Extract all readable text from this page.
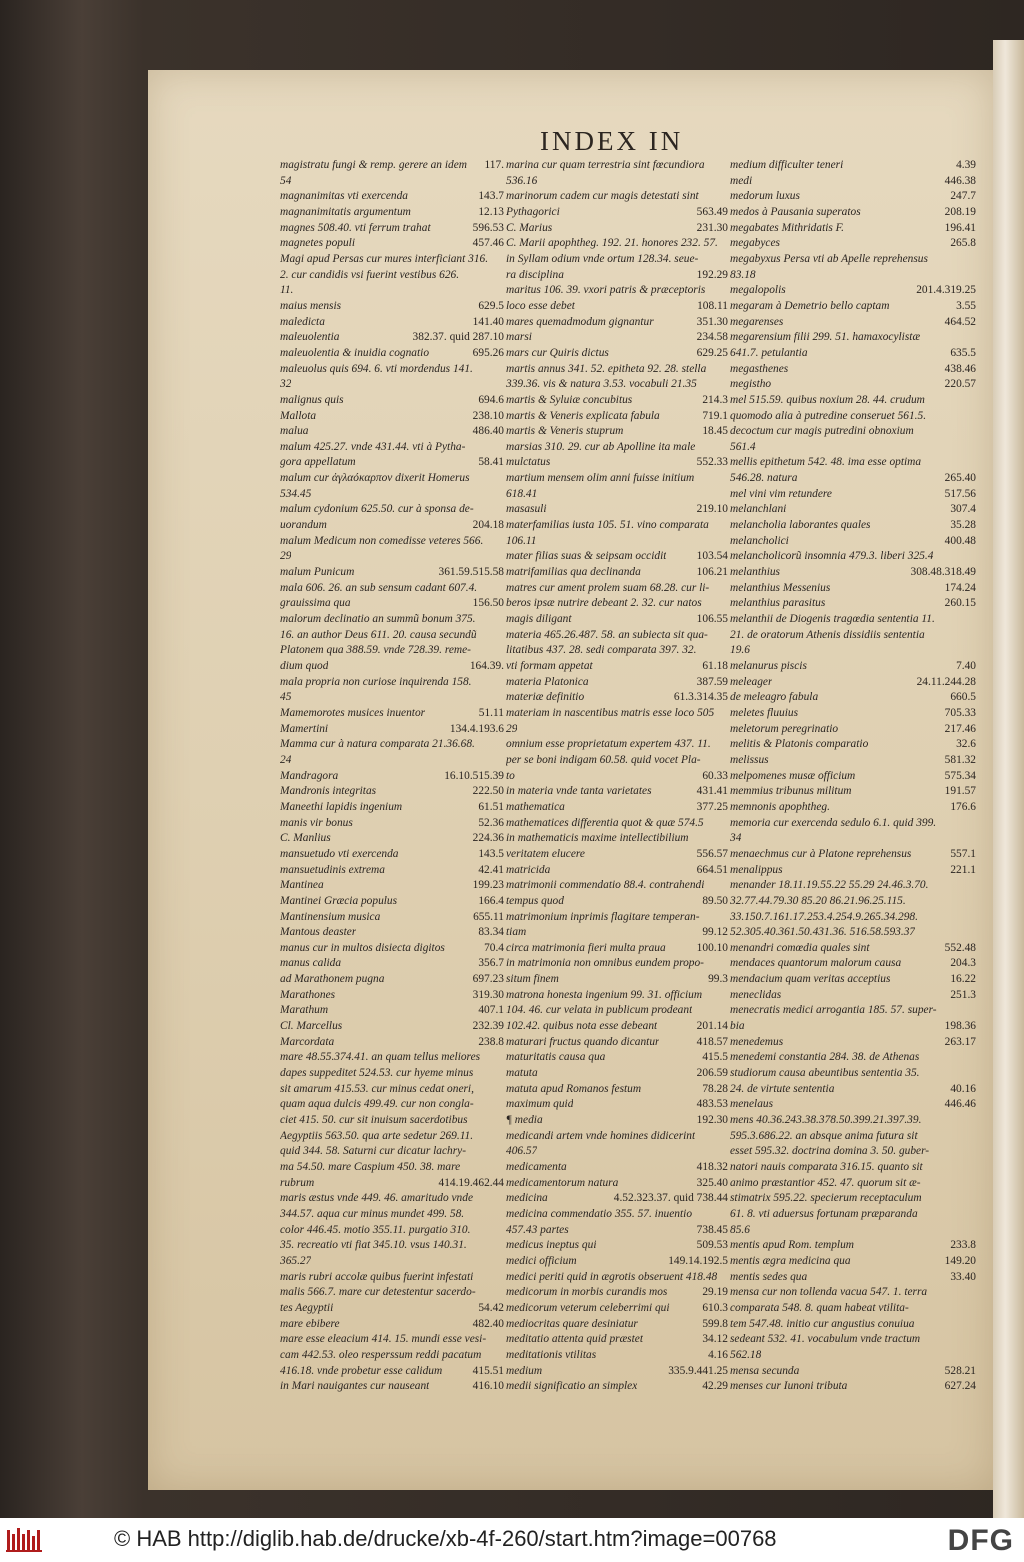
INDEX IN
magistratu fungi & remp. gerere an idem 117.
54
magnanimitas vti exercenda	143.7
magnanimitatis argumentum	12.13
magnes 508.40. vti ferrum trahat	596.53
magnetes populi	457.46
Magi apud Persas cur mures interficiant 316.
2. cur candidis vsi fuerint vestibus 626.
11.
maius mensis	629.5
maledicta	141.40
maleuolentia	382.37. quid 287.10
maleuolentia & inuidia cognatio	695.26
maleuolus quis 694. 6. vti mordendus 141.
32
malignus quis	694.6
Mallota	238.10
malua	486.40
malum 425.27. vnde 431.44. vti à Pytha-
gora appellatum	58.41
malum cur ἀγλαόκαρπον dixerit Homerus
534.45
malum cydonium 625.50. cur à sponsa de-
uorandum	204.18
malum Medicum non comedisse veteres 566.
29
malum Punicum	361.59.515.58
mala 606. 26. an sub sensum cadant 607.4.
grauissima qua	156.50
malorum declinatio an summũ bonum 375.
16. an author Deus 611. 20. causa secundũ
Platonem qua 388.59. vnde 728.39. reme-
dium quod	164.39.
mala propria non curiose inquirenda 158.
45
Mamemorotes musices inuentor	51.11
Mamertini	134.4.193.6
Mamma cur à natura comparata 21.36.68.
24
Mandragora	16.10.515.39
Mandronis integritas	222.50
Maneethi lapidis ingenium	61.51
manis vir bonus	52.36
C. Manlius	224.36
mansuetudo vti exercenda	143.5
mansuetudinis extrema	42.41
Mantinea	199.23
Mantinei Græcia populus	166.4
Mantinensium musica	655.11
Mantous deaster	83.34
manus cur in multos disiecta digitos	70.4
manus calida	356.7
ad Marathonem pugna	697.23
Marathones	319.30
Marathum	407.1
Cl. Marcellus	232.39
Marcordata	238.8
mare 48.55.374.41. an quam tellus meliores
dapes suppeditet 524.53. cur hyeme minus
sit amarum 415.53. cur minus cedat oneri,
quam aqua dulcis 499.49. cur non congla-
ciet 415. 50. cur sit inuisum sacerdotibus
Aegyptiis 563.50. qua arte sedetur 269.11.
quid 344. 58. Saturni cur dicatur lachry-
ma 54.50. mare Caspium 450. 38. mare
rubrum	414.19.462.44
maris æstus vnde 449. 46. amaritudo vnde
344.57. aqua cur minus mundet 499. 58.
color 446.45. motio 355.11. purgatio 310.
35. recreatio vti fiat 345.10. vsus 140.31.
365.27
maris rubri accolæ quibus fuerint infestati
malis 566.7. mare cur detestentur sacerdo-
tes Aegyptii	54.42
mare ebibere	482.40
mare esse eleacium 414. 15. mundi esse vesi-
cam 442.53. oleo resperssum reddi pacatum
416.18. vnde probetur esse calidum	415.51
in Mari nauigantes cur nauseant	416.10
marina cur quam terrestria sint fœcundiora
536.16
marinorum cadem cur magis detestati sint
Pythagorici	563.49
C. Marius	231.30
C. Marii apophtheg. 192. 21. honores 232. 57.
in Syllam odium vnde ortum 128.34. seue-
ra disciplina	192.29
maritus 106. 39. vxori patris & præceptoris
loco esse debet	108.11
mares quemadmodum gignantur	351.30
marsi	234.58
mars cur Quiris dictus	629.25
martis annus 341. 52. epitheta 92. 28. stella
339.36. vis & natura 3.53. vocabuli 21.35
martis & Syluiæ concubitus	214.3
martis & Veneris explicata fabula	719.1
martis & Veneris stuprum	18.45
marsias 310. 29. cur ab Apolline ita male
mulctatus	552.33
martium mensem olim anni fuisse initium
618.41
masasuli	219.10
materfamilias iusta 105. 51. vino comparata
106.11
mater filias suas & seipsam occidit	103.54
matrifamilias qua declinanda	106.21
matres cur ament prolem suam 68.28. cur li-
beros ipsæ nutrire debeant 2. 32. cur natos
magis diligant	106.55
materia 465.26.487. 58. an subiecta sit qua-
litatibus 437. 28. sedi comparata 397. 32.
vti formam appetat	61.18
materia Platonica	387.59
materiæ definitio	61.3.314.35
materiam in nascentibus matris esse loco 505
29
omnium esse proprietatum expertem 437. 11.
per se boni indigam 60.58. quid vocet Pla-
to	60.33
in materia vnde tanta varietates	431.41
mathematica	377.25
mathematices differentia quot & quæ 574.5
in mathematicis maxime intellectibilium
veritatem elucere	556.57
matricida	664.51
matrimonii commendatio 88.4. contrahendi
tempus quod	89.50
matrimonium inprimis flagitare temperan-
tiam	99.12
circa matrimonia fieri multa praua	100.10
in matrimonia non omnibus eundem propo-
situm finem	99.3
matrona honesta ingenium 99. 31. officium
104. 46. cur velata in publicum prodeant
102.42. quibus nota esse debeant	201.14
maturari fructus quando dicantur	418.57
maturitatis causa qua	415.5
matuta	206.59
matuta apud Romanos festum	78.28
maximum quid	483.53
¶ media	192.30
medicandi artem vnde homines didicerint
406.57
medicamenta	418.32
medicamentorum natura	325.40
medicina	4.52.323.37. quid 738.44
medicina commendatio 355. 57. inuentio
457.43 partes	738.45
medicus ineptus qui	509.53
medici officium	149.14.192.5
medici periti quid in ægrotis obseruent 418.48
medicorum in morbis curandis mos	29.19
medicorum veterum celeberrimi qui	610.3
mediocritas quare desiniatur	599.8
meditatio attenta quid præstet	34.12
meditationis vtilitas	4.16
medium	335.9.441.25
medii significatio an simplex	42.29
medium difficulter teneri	4.39
medi	446.38
medorum luxus	247.7
medos à Pausania superatos	208.19
megabates Mithridatis F.	196.41
megabyces	265.8
megabyxus Persa vti ab Apelle reprehensus
83.18
megalopolis	201.4.319.25
megaram à Demetrio bello captam	3.55
megarenses	464.52
megarensium filii 299. 51. hamaxocylistæ
641.7. petulantia	635.5
megasthenes	438.46
megistho	220.57
mel 515.59. quibus noxium 28. 44. crudum
quomodo alia à putredine conseruet 561.5.
decoctum cur magis putredini obnoxium
561.4
mellis epithetum 542. 48. ima esse optima
546.28. natura	265.40
mel vini vim retundere	517.56
melanchlani	307.4
melancholia laborantes quales	35.28
melancholici	400.48
melancholicorũ insomnia 479.3. liberi 325.4
melanthius	308.48.318.49
melanthius Messenius	174.24
melanthius parasitus	260.15
melanthii de Diogenis tragœdia sententia 11.
21. de oratorum Athenis dissidiis sententia
19.6
melanurus piscis	7.40
meleager	24.11.244.28
de meleagro fabula	660.5
meletes fluuius	705.33
meletorum peregrinatio	217.46
melitis & Platonis comparatio	32.6
melissus	581.32
melpomenes musæ officium	575.34
memmius tribunus militum	191.57
memnonis apophtheg.	176.6
memoria cur exercenda sedulo 6.1. quid 399.
34
menaechmus cur à Platone reprehensus	557.1
menalippus	221.1
menander 18.11.19.55.22 55.29 24.46.3.70.
32.77.44.79.30 85.20 86.21.96.25.115.
33.150.7.161.17.253.4.254.9.265.34.298.
52.305.40.361.50.431.36. 516.58.593.37
menandri comœdia quales sint	552.48
mendaces quantorum malorum causa	204.3
mendacium quam veritas acceptius	16.22
meneclidas	251.3
menecratis medici arrogantia 185. 57. super-
bia	198.36
menedemus	263.17
menedemi constantia 284. 38. de Athenas
studiorum causa abeuntibus sententia 35.
24. de virtute sententia	40.16
menelaus	446.46
mens 40.36.243.38.378.50.399.21.397.39.
595.3.686.22. an absque anima futura sit
esset 595.32. doctrina domina 3. 50. guber-
natori nauis comparata 316.15. quanto sit
animo præstantior 452. 47. quorum sit æ-
stimatrix 595.22. specierum receptaculum
61. 8. vti aduersus fortunam præparanda
85.6
mentis apud Rom. templum	233.8
mentis ægra medicina qua	149.20
mentis sedes qua	33.40
mensa cur non tollenda vacua 547. 1. terra
comparata 548. 8. quam habeat vtilita-
tem 547.48. initio cur angustius conuiua
sedeant 532. 41. vocabulum vnde tractum
562.18
mensa secunda	528.21
menses cur Iunoni tributa	627.24
© HAB http://diglib.hab.de/drucke/xb-4f-260/start.htm?image=00768	DFG
